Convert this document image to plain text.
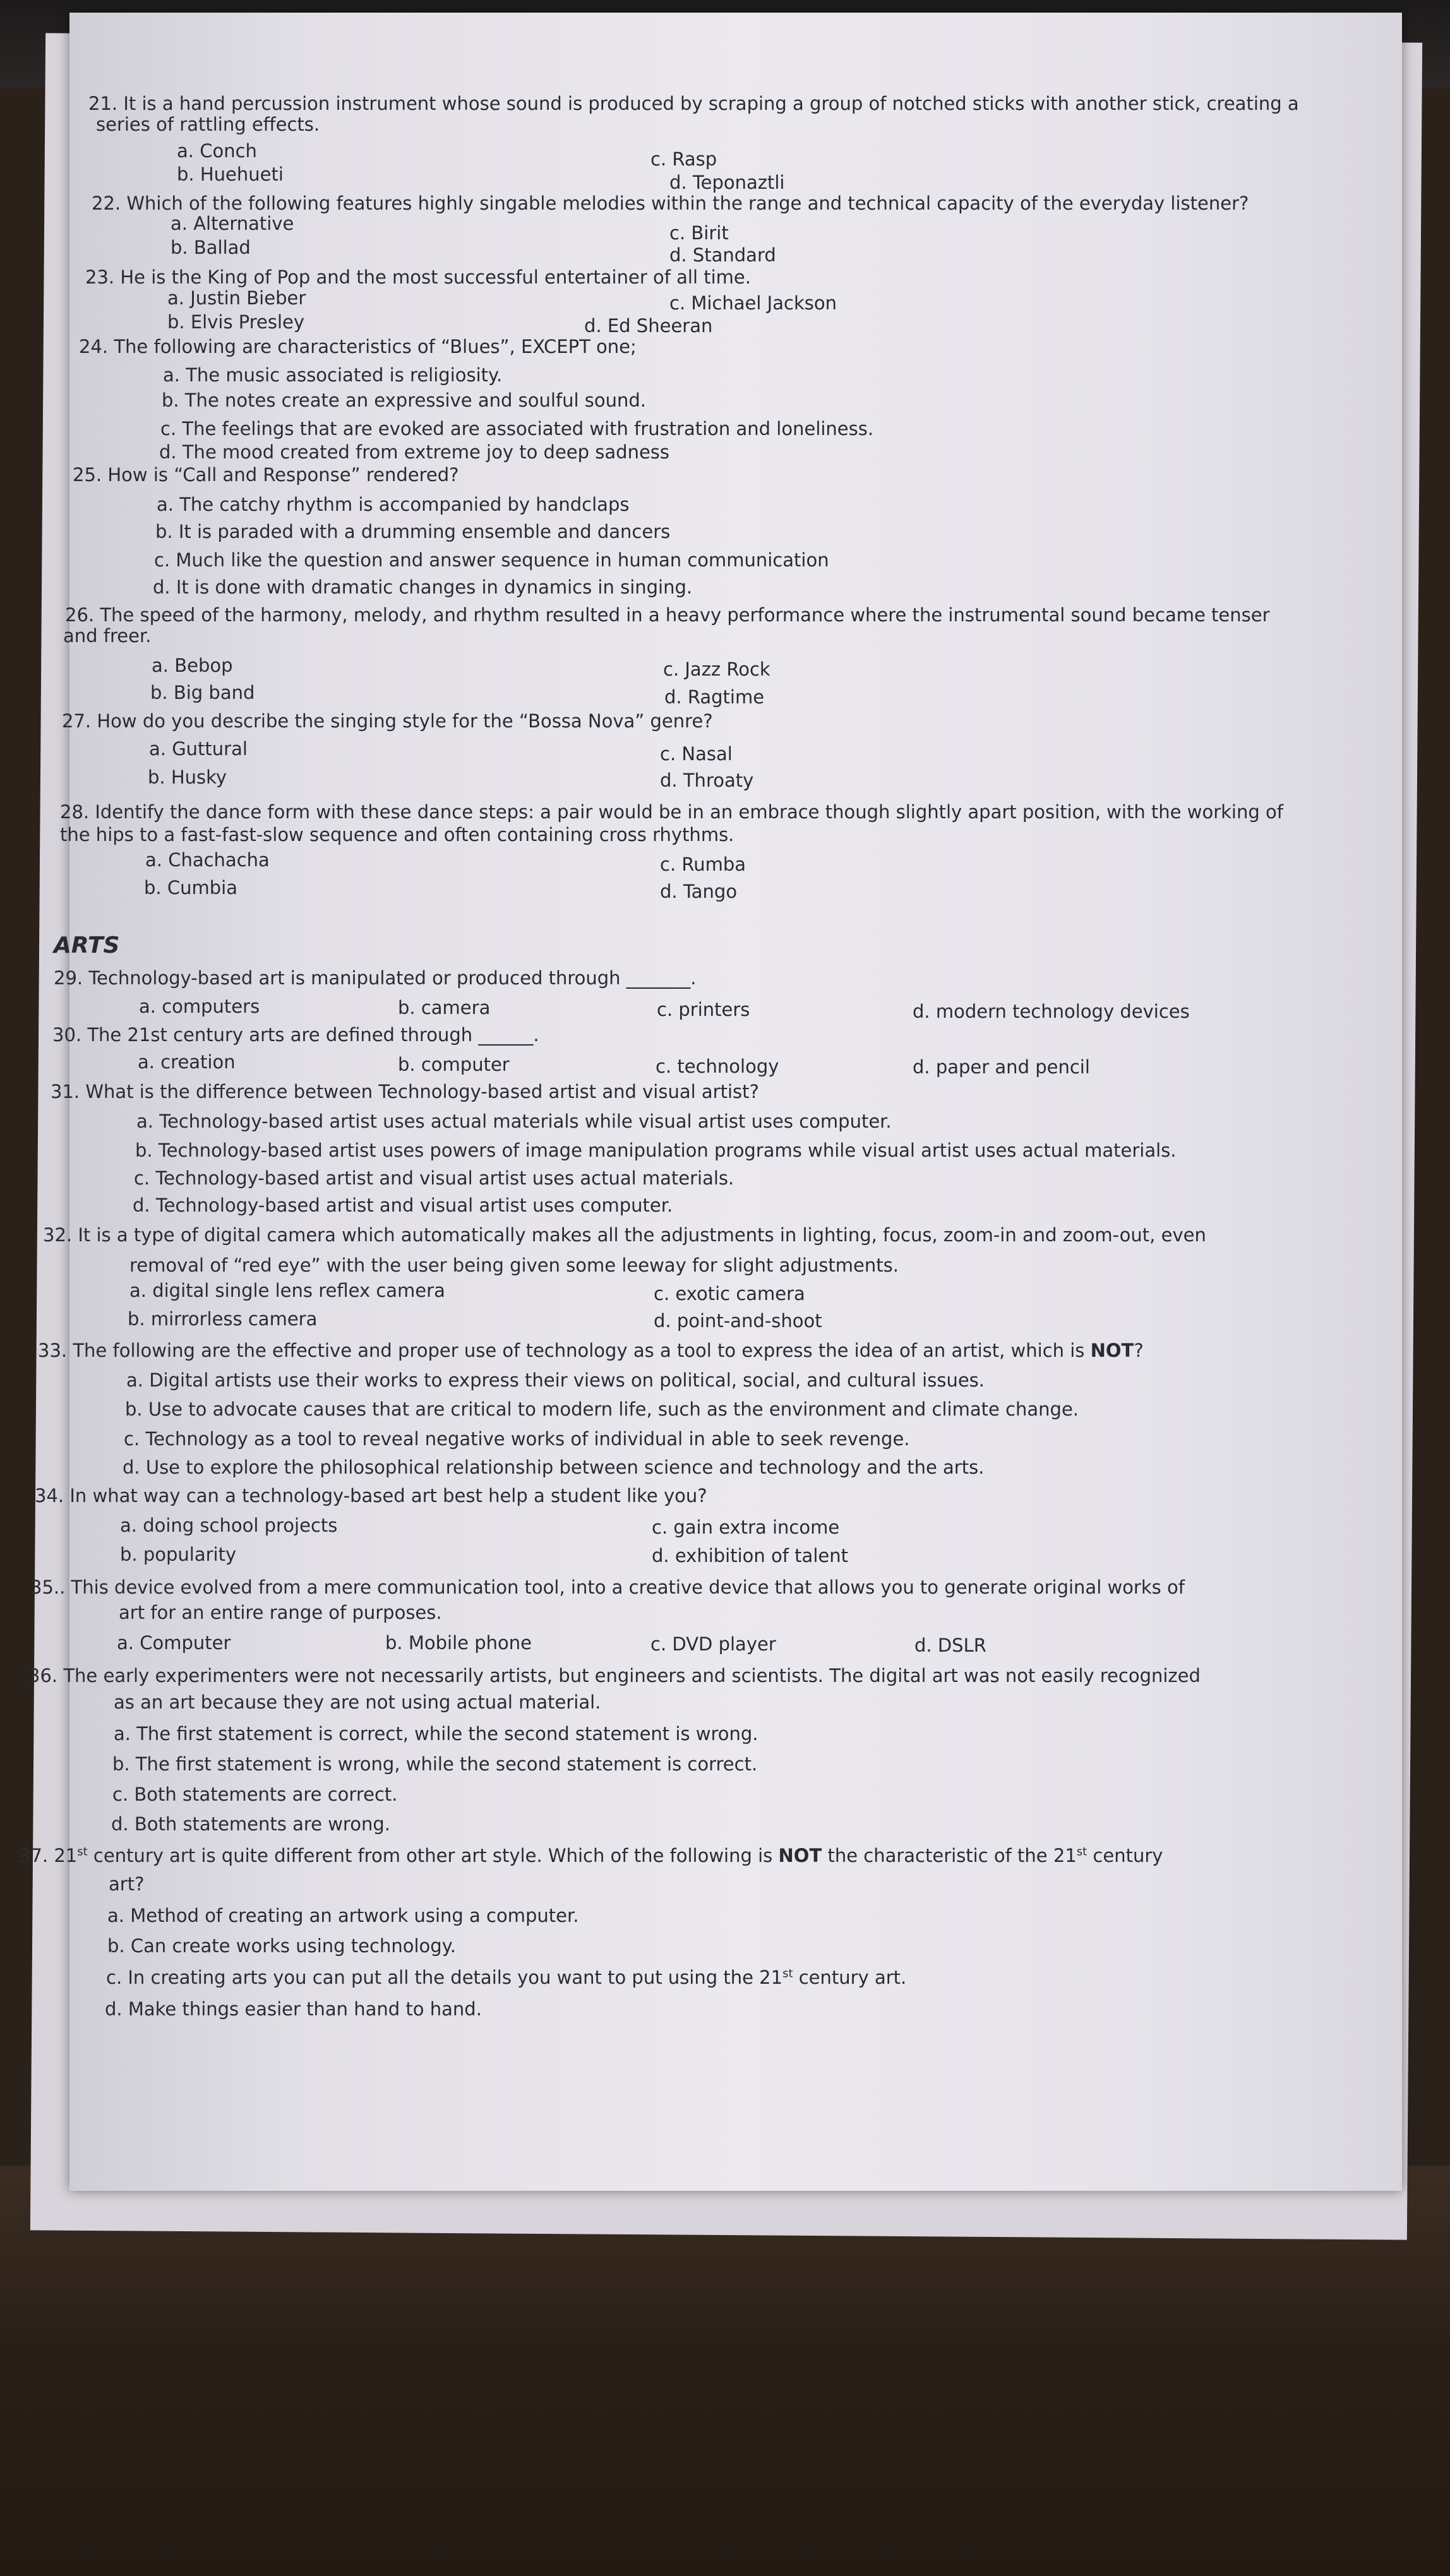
21. It is a hand percussion instrument whose sound is produced by scraping a group of notched sticks with another stick, creating a
series of rattling effects.
a. Conch	c. Rasp
b. Huehueti	d. Teponaztli
22. Which of the following features highly singable melodies within the range and technical capacity of the everyday listener?
a. Alternative	c. Birit
b. Ballad	d. Standard
23. He is the King of Pop and the most successful entertainer of all time.
a. Justin Bieber	c. Michael Jackson
b. Elvis Presley	d. Ed Sheeran
24. The following are characteristics of “Blues”, EXCEPT one;
a. The music associated is religiosity.
b. The notes create an expressive and soulful sound.
c. The feelings that are evoked are associated with frustration and loneliness.
d. The mood created from extreme joy to deep sadness
25. How is “Call and Response” rendered?
a. The catchy rhythm is accompanied by handclaps
b. It is paraded with a drumming ensemble and dancers
c. Much like the question and answer sequence in human communication
d. It is done with dramatic changes in dynamics in singing.
26. The speed of the harmony, melody, and rhythm resulted in a heavy performance where the instrumental sound became tenser
and freer.
a. Bebop	c. Jazz Rock
b. Big band	d. Ragtime
27. How do you describe the singing style for the “Bossa Nova” genre?
a. Guttural	c. Nasal
b. Husky	d. Throaty
28. Identify the dance form with these dance steps: a pair would be in an embrace though slightly apart position, with the working of
the hips to a fast-fast-slow sequence and often containing cross rhythms.
a. Chachacha	c. Rumba
b. Cumbia	d. Tango
ARTS
29. Technology-based art is manipulated or produced through _______.
a. computers	b. camera	c. printers	d. modern technology devices
30. The 21st century arts are defined through ______.
a. creation	b. computer	c. technology	d. paper and pencil
31. What is the difference between Technology-based artist and visual artist?
a. Technology-based artist uses actual materials while visual artist uses computer.
b. Technology-based artist uses powers of image manipulation programs while visual artist uses actual materials.
c. Technology-based artist and visual artist uses actual materials.
d. Technology-based artist and visual artist uses computer.
32. It is a type of digital camera which automatically makes all the adjustments in lighting, focus, zoom-in and zoom-out, even
removal of “red eye” with the user being given some leeway for slight adjustments.
a. digital single lens reflex camera	c. exotic camera
b. mirrorless camera	d. point-and-shoot
33. The following are the effective and proper use of technology as a tool to express the idea of an artist, which is NOT?
a. Digital artists use their works to express their views on political, social, and cultural issues.
b. Use to advocate causes that are critical to modern life, such as the environment and climate change.
c. Technology as a tool to reveal negative works of individual in able to seek revenge.
d. Use to explore the philosophical relationship between science and technology and the arts.
34. In what way can a technology-based art best help a student like you?
a. doing school projects	c. gain extra income
b. popularity	d. exhibition of talent
35.. This device evolved from a mere communication tool, into a creative device that allows you to generate original works of
art for an entire range of purposes.
a. Computer	b. Mobile phone	c. DVD player	d. DSLR
36. The early experimenters were not necessarily artists, but engineers and scientists. The digital art was not easily recognized
as an art because they are not using actual material.
a. The first statement is correct, while the second statement is wrong.
b. The first statement is wrong, while the second statement is correct.
c. Both statements are correct.
d. Both statements are wrong.
37. 21st century art is quite different from other art style. Which of the following is NOT the characteristic of the 21st century
art?
a. Method of creating an artwork using a computer.
b. Can create works using technology.
c. In creating arts you can put all the details you want to put using the 21st century art.
d. Make things easier than hand to hand.
